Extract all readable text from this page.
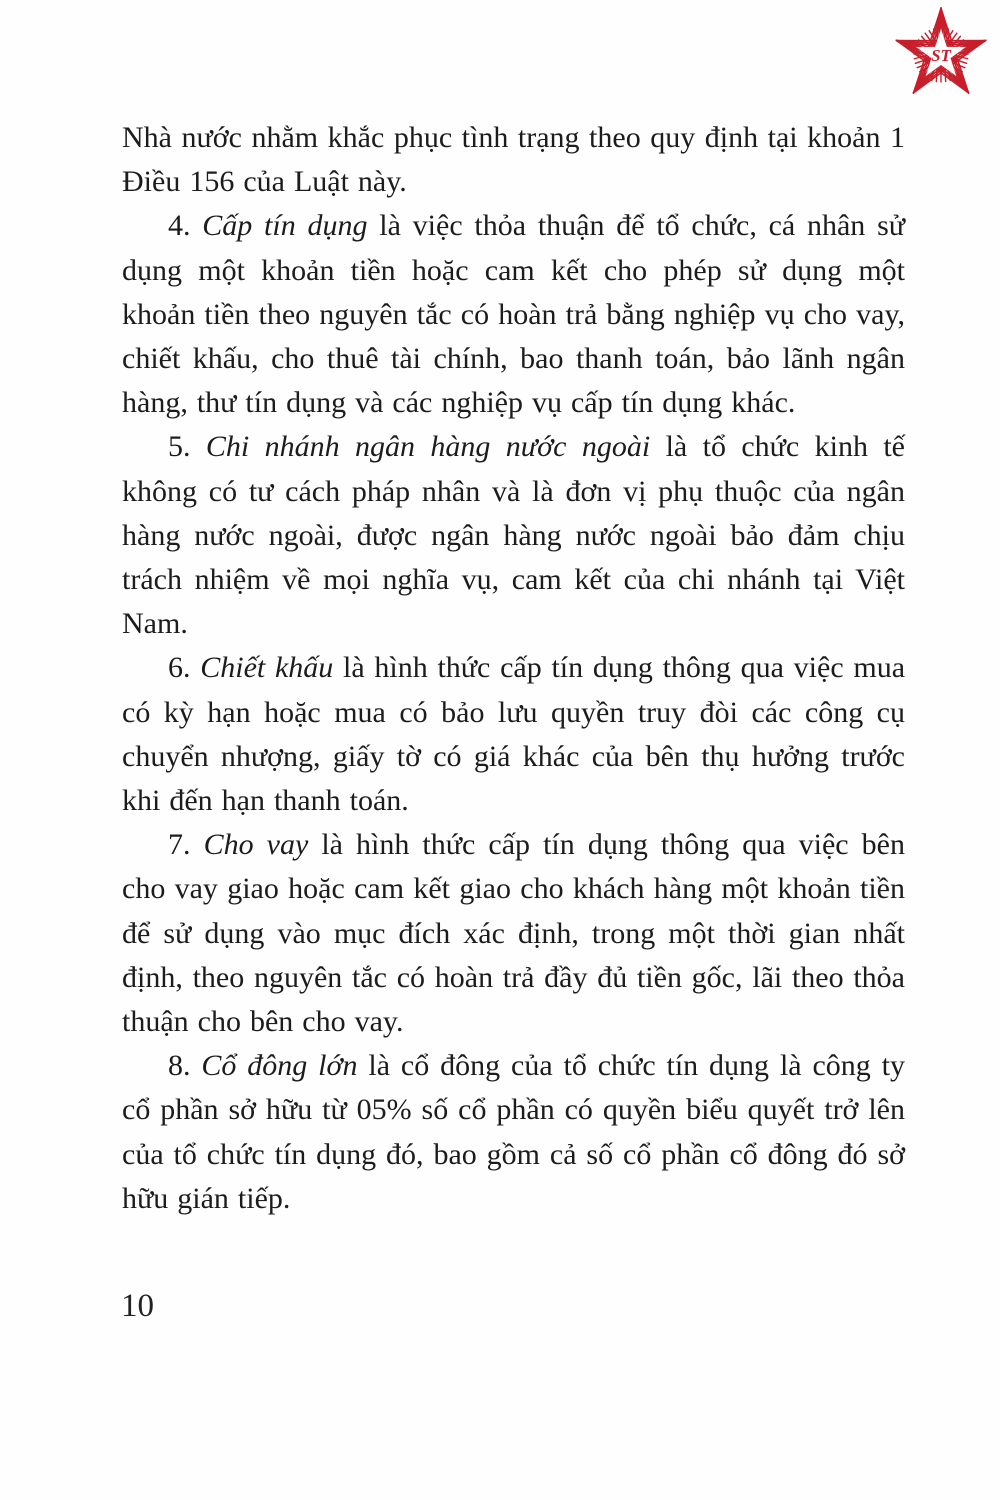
ST

Nhà nước nhằm khắc phục tình trạng theo quy định tại khoản 1 Điều 156 của Luật này.

4. Cấp tín dụng là việc thỏa thuận để tổ chức, cá nhân sử dụng một khoản tiền hoặc cam kết cho phép sử dụng một khoản tiền theo nguyên tắc có hoàn trả bằng nghiệp vụ cho vay, chiết khấu, cho thuê tài chính, bao thanh toán, bảo lãnh ngân hàng, thư tín dụng và các nghiệp vụ cấp tín dụng khác.

5. Chi nhánh ngân hàng nước ngoài là tổ chức kinh tế không có tư cách pháp nhân và là đơn vị phụ thuộc của ngân hàng nước ngoài, được ngân hàng nước ngoài bảo đảm chịu trách nhiệm về mọi nghĩa vụ, cam kết của chi nhánh tại Việt Nam.

6. Chiết khấu là hình thức cấp tín dụng thông qua việc mua có kỳ hạn hoặc mua có bảo lưu quyền truy đòi các công cụ chuyển nhượng, giấy tờ có giá khác của bên thụ hưởng trước khi đến hạn thanh toán.

7. Cho vay là hình thức cấp tín dụng thông qua việc bên cho vay giao hoặc cam kết giao cho khách hàng một khoản tiền để sử dụng vào mục đích xác định, trong một thời gian nhất định, theo nguyên tắc có hoàn trả đầy đủ tiền gốc, lãi theo thỏa thuận cho bên cho vay.

8. Cổ đông lớn là cổ đông của tổ chức tín dụng là công ty cổ phần sở hữu từ 05% số cổ phần có quyền biểu quyết trở lên của tổ chức tín dụng đó, bao gồm cả số cổ phần cổ đông đó sở hữu gián tiếp.

10
